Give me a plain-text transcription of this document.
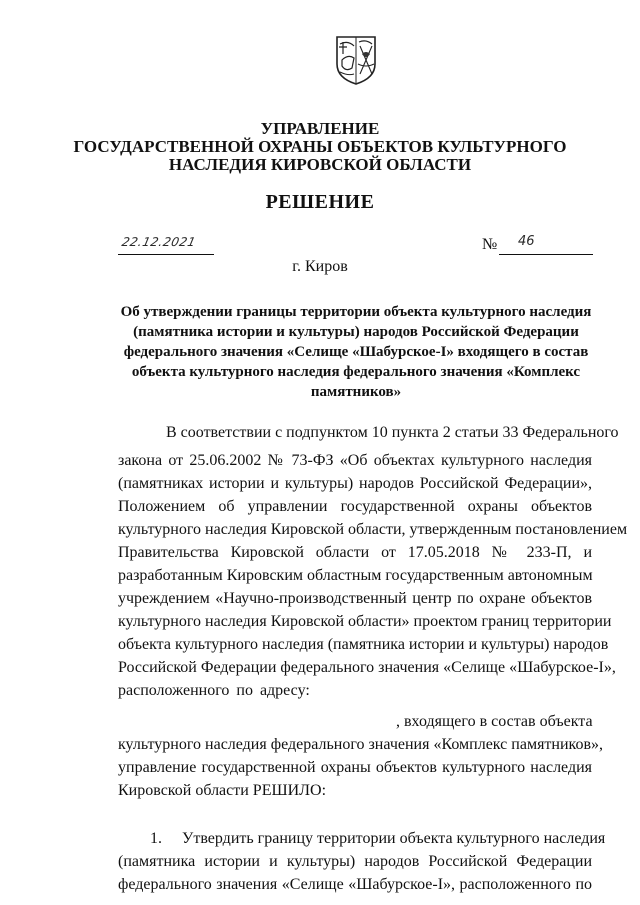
УПРАВЛЕНИЕ
ГОСУДАРСТВЕННОЙ ОХРАНЫ ОБЪЕКТОВ КУЛЬТУРНОГО
НАСЛЕДИЯ КИРОВСКОЙ ОБЛАСТИ
РЕШЕНИЕ
22.12.2021	№ 46
г. Киров
Об утверждении границы территории объекта культурного наследия
(памятника истории и культуры) народов Российской Федерации
федерального значения «Селище «Шабурское-I» входящего в состав
объекта культурного наследия федерального значения «Комплекс
памятников»
В соответствии с подпунктом 10 пункта 2 статьи 33 Федерального
закона от 25.06.2002 № 73-ФЗ «Об объектах культурного наследия
(памятниках истории и культуры) народов Российской Федерации»,
Положением об управлении государственной охраны объектов
культурного наследия Кировской области, утвержденным постановлением
Правительства Кировской области от 17.05.2018 № 233-П, и
разработанным Кировским областным государственным автономным
учреждением «Научно-производственный центр по охране объектов
культурного наследия Кировской области» проектом границ территории
объекта культурного наследия (памятника истории и культуры) народов
Российской Федерации федерального значения «Селище «Шабурское-I»,
расположенного по адресу:
, входящего в состав объекта
культурного наследия федерального значения «Комплекс памятников»,
управление государственной охраны объектов культурного наследия
Кировской области РЕШИЛО:
1. Утвердить границу территории объекта культурного наследия
(памятника истории и культуры) народов Российской Федерации
федерального значения «Селище «Шабурское-I», расположенного по
